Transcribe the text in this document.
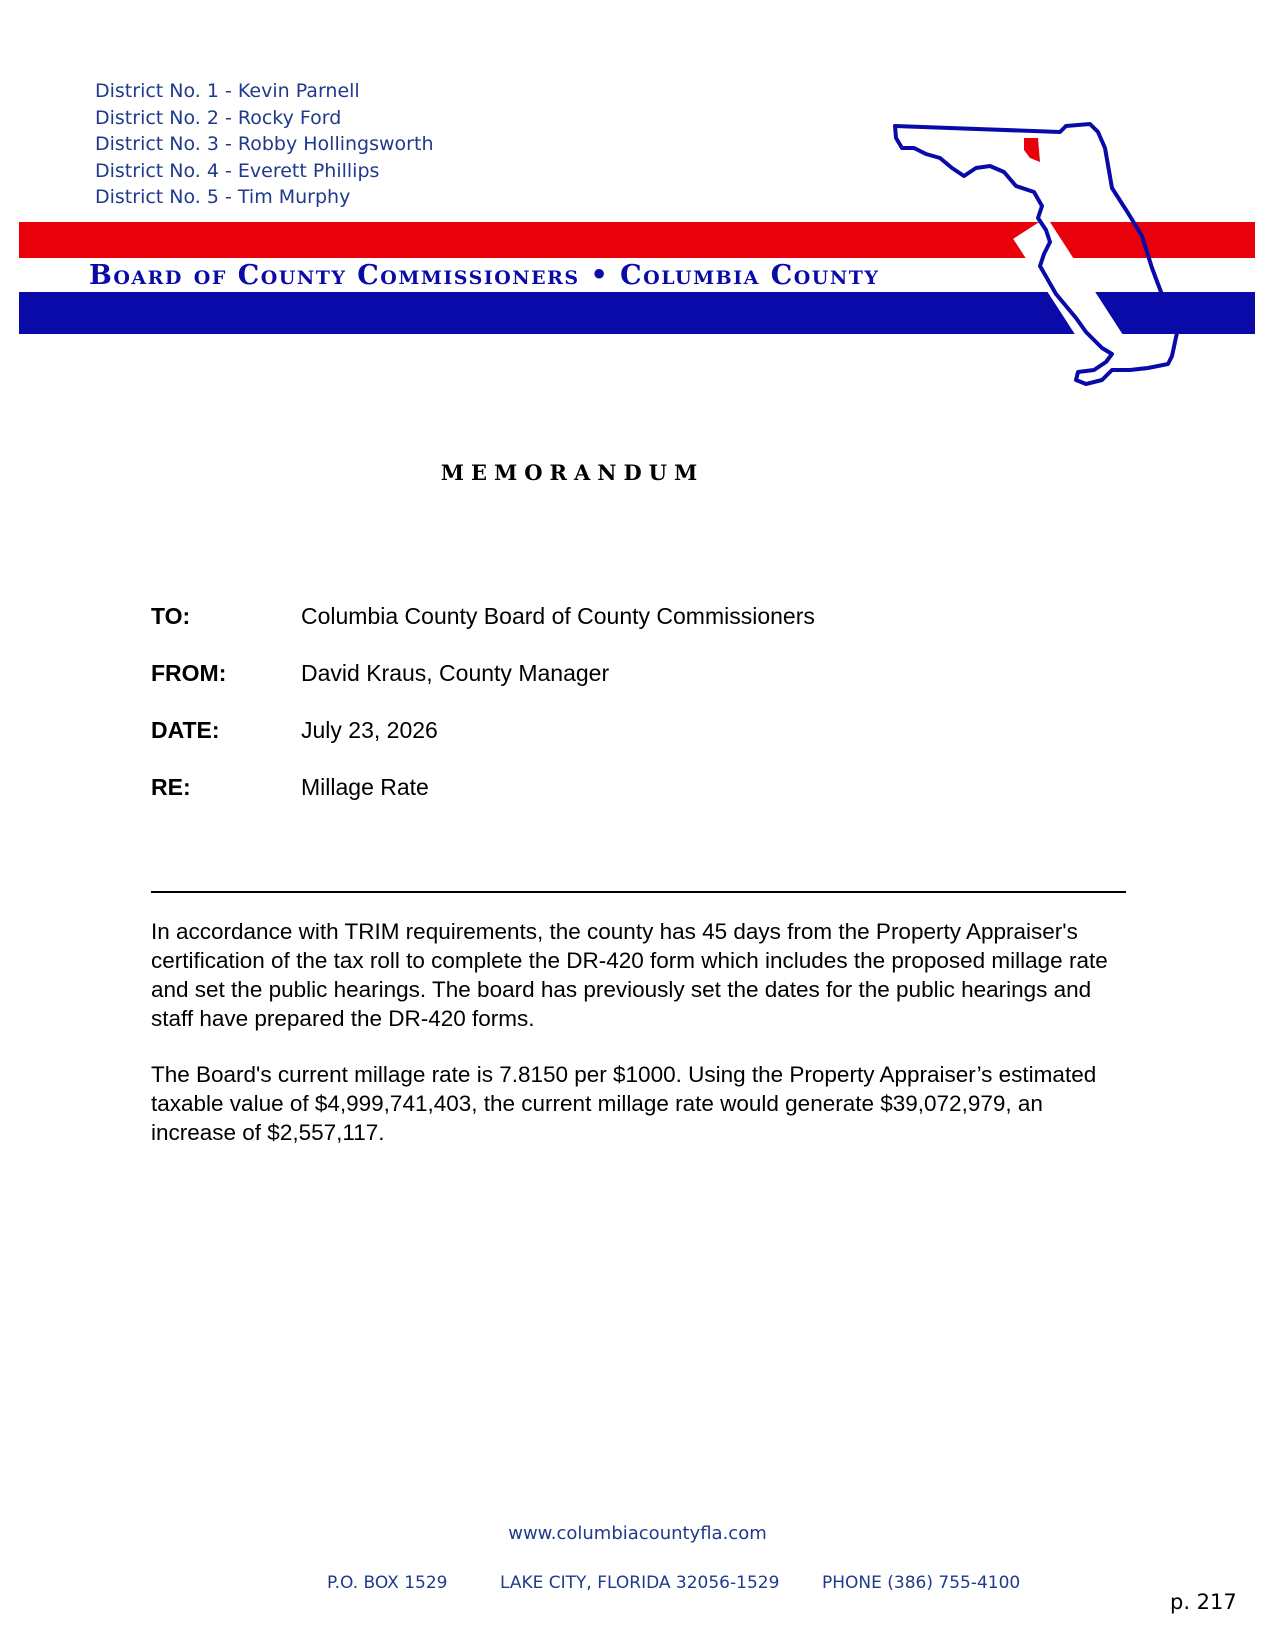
District No. 1 - Kevin Parnell
District No. 2 - Rocky Ford
District No. 3 - Robby Hollingsworth
District No. 4 - Everett Phillips
District No. 5 - Tim Murphy
Board of County Commissioners • Columbia County
MEMORANDUM
TO:	Columbia County Board of County Commissioners
FROM:	David Kraus, County Manager
DATE:	July 23, 2026
RE:	Millage Rate

In accordance with TRIM requirements, the county has 45 days from the Property Appraiser's certification of the tax roll to complete the DR-420 form which includes the proposed millage rate and set the public hearings. The board has previously set the dates for the public hearings and staff have prepared the DR-420 forms.

The Board's current millage rate is 7.8150 per $1000. Using the Property Appraiser’s estimated taxable value of $4,999,741,403, the current millage rate would generate $39,072,979, an increase of $2,557,117.

www.columbiacountyfla.com
P.O. BOX 1529	LAKE CITY, FLORIDA 32056-1529	PHONE (386) 755-4100
p. 217
